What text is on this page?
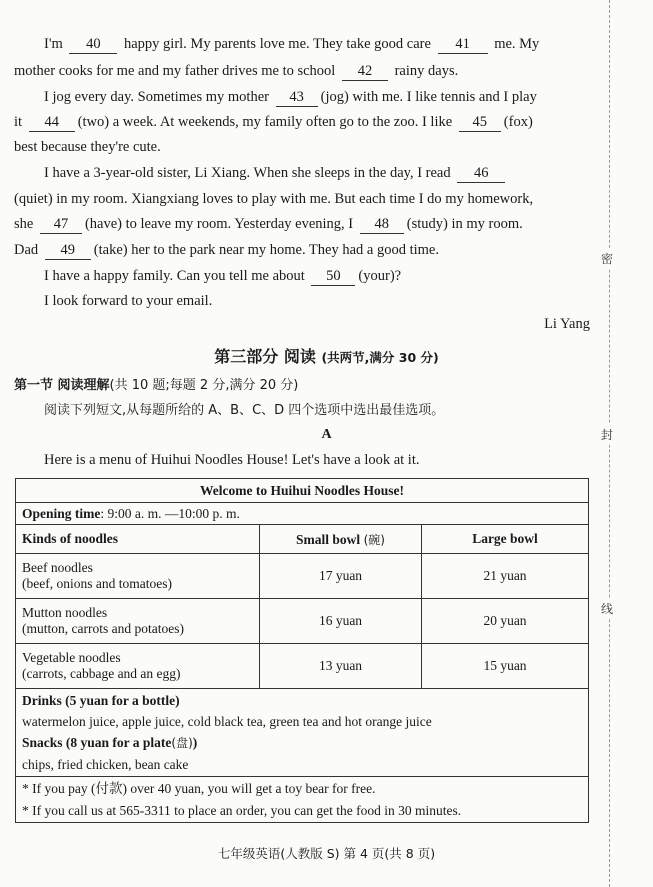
I'm 40 happy girl. My parents love me. They take good care 41 me. My
mother cooks for me and my father drives me to school 42 rainy days.
I jog every day. Sometimes my mother 43 (jog) with me. I like tennis and I play
it 44 (two) a week. At weekends, my family often go to the zoo. I like 45 (fox)
best because they're cute.
I have a 3-year-old sister, Li Xiang. When she sleeps in the day, I read 46
(quiet) in my room. Xiangxiang loves to play with me. But each time I do my homework,
she 47 (have) to leave my room. Yesterday evening, I 48 (study) in my room.
Dad 49 (take) her to the park near my home. They had a good time.
I have a happy family. Can you tell me about 50 (your)?
I look forward to your email.
Li Yang
第三部分 阅读 (共两节,满分 30 分)
第一节 阅读理解(共 10 题;每题 2 分,满分 20 分)
阅读下列短文,从每题所给的 A、B、C、D 四个选项中选出最佳选项。
A
Here is a menu of Huihui Noodles House! Let's have a look at it.
Welcome to Huihui Noodles House!		
Opening time: 9:00 a. m. —10:00 p. m.		
Kinds of noodles	Small bowl (碗)	Large bowl

Beef noodles
(beef, onions and tomatoes)	17 yuan	21 yuan

Mutton noodles
(mutton, carrots and potatoes)	16 yuan	20 yuan

Vegetable noodles
(carrots, cabbage and an egg)	13 yuan	15 yuan

Drinks (5 yuan for a bottle)
watermelon juice, apple juice, cold black tea, green tea and hot orange juice
Snacks (8 yuan for a plate(盘))
chips, fried chicken, bean cake		

* If you pay (付款) over 40 yuan, you will get a toy bear for free.
* If you call us at 565-3311 to place an order, you can get the food in 30 minutes.		
七年级英语(人教版 S) 第 4 页(共 8 页)
密
封
线
